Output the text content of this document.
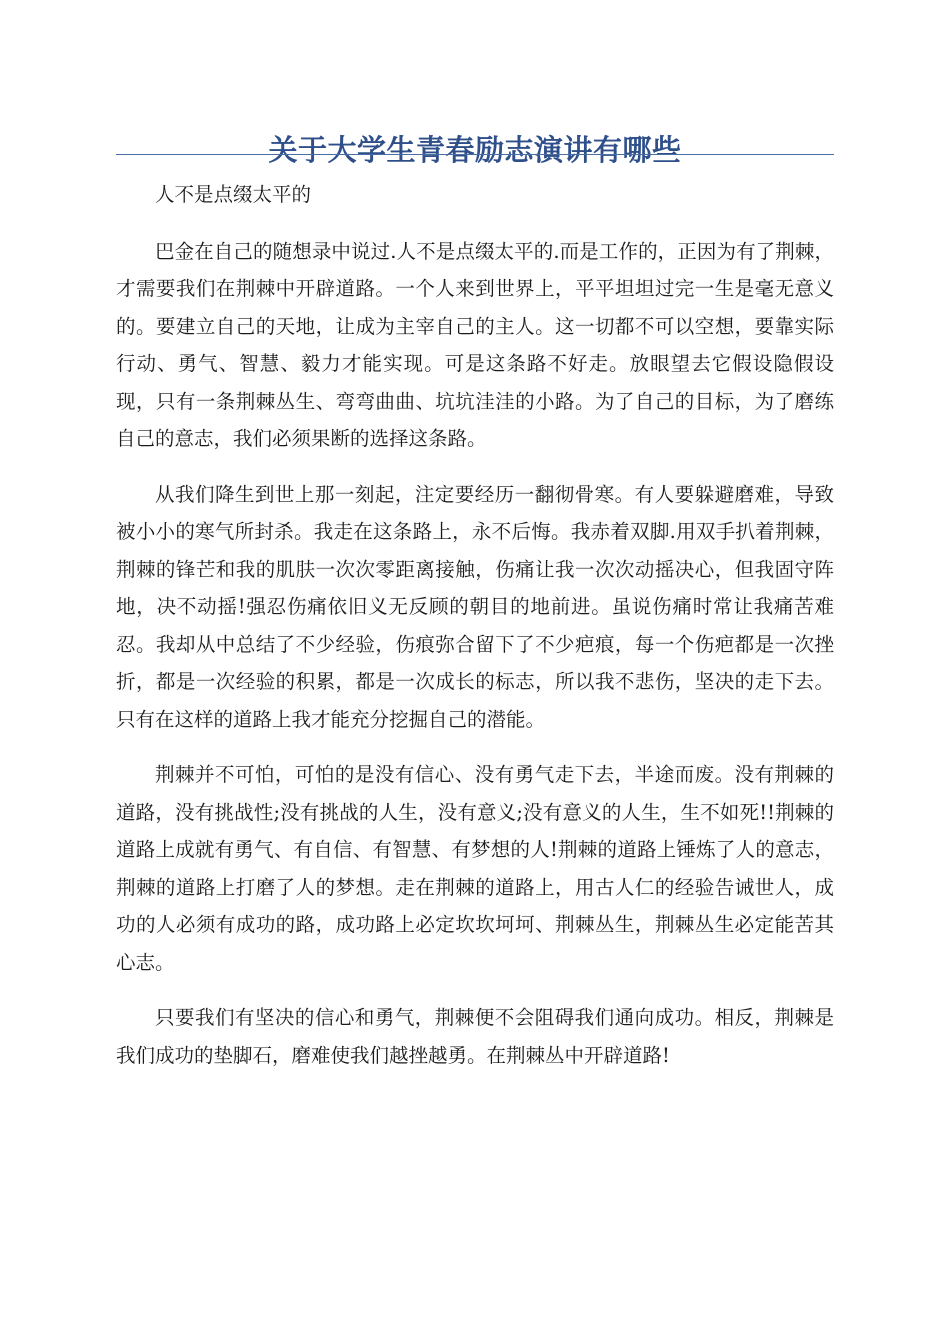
关于大学生青春励志演讲有哪些

人不是点缀太平的

巴金在自己的随想录中说过.人不是点缀太平的.而是工作的，正因为有了荆棘，才需要我们在荆棘中开辟道路。一个人来到世界上，平平坦坦过完一生是毫无意义的。要建立自己的天地，让成为主宰自己的主人。这一切都不可以空想，要靠实际行动、勇气、智慧、毅力才能实现。可是这条路不好走。放眼望去它假设隐假设现，只有一条荆棘丛生、弯弯曲曲、坑坑洼洼的小路。为了自己的目标，为了磨练自己的意志，我们必须果断的选择这条路。

从我们降生到世上那一刻起，注定要经历一翻彻骨寒。有人要躲避磨难，导致被小小的寒气所封杀。我走在这条路上，永不后悔。我赤着双脚.用双手扒着荆棘，荆棘的锋芒和我的肌肤一次次零距离接触，伤痛让我一次次动摇决心，但我固守阵地，决不动摇!强忍伤痛依旧义无反顾的朝目的地前进。虽说伤痛时常让我痛苦难忍。我却从中总结了不少经验，伤痕弥合留下了不少疤痕，每一个伤疤都是一次挫折，都是一次经验的积累，都是一次成长的标志，所以我不悲伤，坚决的走下去。只有在这样的道路上我才能充分挖掘自己的潜能。

荆棘并不可怕，可怕的是没有信心、没有勇气走下去，半途而废。没有荆棘的道路，没有挑战性;没有挑战的人生，没有意义;没有意义的人生，生不如死!!荆棘的道路上成就有勇气、有自信、有智慧、有梦想的人!荆棘的道路上锤炼了人的意志，荆棘的道路上打磨了人的梦想。走在荆棘的道路上，用古人仁的经验告诫世人，成功的人必须有成功的路，成功路上必定坎坎坷坷、荆棘丛生，荆棘丛生必定能苦其心志。

只要我们有坚决的信心和勇气，荆棘便不会阻碍我们通向成功。相反，荆棘是我们成功的垫脚石，磨难使我们越挫越勇。在荆棘丛中开辟道路!
